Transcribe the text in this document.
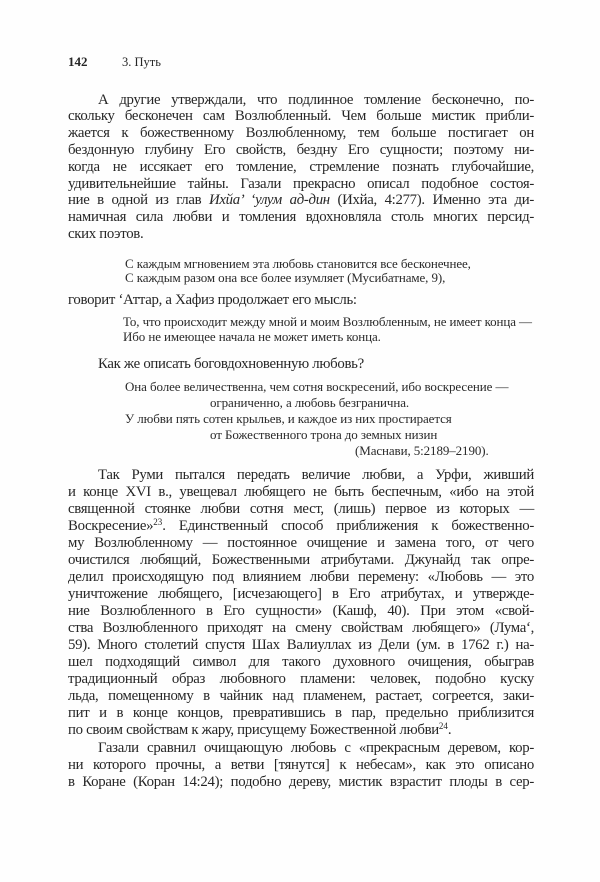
142	3. Путь
А другие утверждали, что подлинное томление бесконечно, по-
скольку бесконечен сам Возлюбленный. Чем больше мистик прибли-
жается к божественному Возлюбленному, тем больше постигает он
бездонную глубину Его свойств, бездну Его сущности; поэтому ни-
когда не иссякает его томление, стремление познать глубочайшие,
удивительнейшие тайны. Газали прекрасно описал подобное состоя-
ние в одной из глав Ихйа’ ‘улум ад-дин (Ихйа, 4:277). Именно эта ди-
намичная сила любви и томления вдохновляла столь многих персид-
ских поэтов.
С каждым мгновением эта любовь становится все бесконечнее,
С каждым разом она все более изумляет (Мусибатнаме, 9),
говорит ‘Аттар, а Хафиз продолжает его мысль:
То, что происходит между мной и моим Возлюбленным, не имеет конца —
Ибо не имеющее начала не может иметь конца.
Как же описать боговдохновенную любовь?
Она более величественна, чем сотня воскресений, ибо воскресение —
ограниченно, а любовь безгранична.
У любви пять сотен крыльев, и каждое из них простирается
от Божественного трона до земных низин
(Маснави, 5:2189–2190).
Так Руми пытался передать величие любви, а Урфи, живший
и конце XVI в., увещевал любящего не быть беспечным, «ибо на этой
священной стоянке любви сотня мест, (лишь) первое из которых —
Воскресение»$^{23}$. Единственный способ приближения к божественно-
му Возлюбленному — постоянное очищение и замена того, от чего
очистился любящий, Божественными атрибутами. Джунайд так опре-
делил происходящую под влиянием любви перемену: «Любовь — это
уничтожение любящего, [исчезающего] в Его атрибутах, и утвержде-
ние Возлюбленного в Его сущности» (Кашф, 40). При этом «свой-
ства Возлюбленного приходят на смену свойствам любящего» (Лума‘,
59). Много столетий спустя Шах Валиуллах из Дели (ум. в 1762 г.) на-
шел подходящий символ для такого духовного очищения, обыграв
традиционный образ любовного пламени: человек, подобно куску
льда, помещенному в чайник над пламенем, растает, согреется, заки-
пит и в конце концов, превратившись в пар, предельно приблизится
по своим свойствам к жару, присущему Божественной любви$^{24}$.
Газали сравнил очищающую любовь с «прекрасным деревом, кор-
ни которого прочны, а ветви [тянутся] к небесам», как это описано
в Коране (Коран 14:24); подобно дереву, мистик взрастит плоды в сер-
